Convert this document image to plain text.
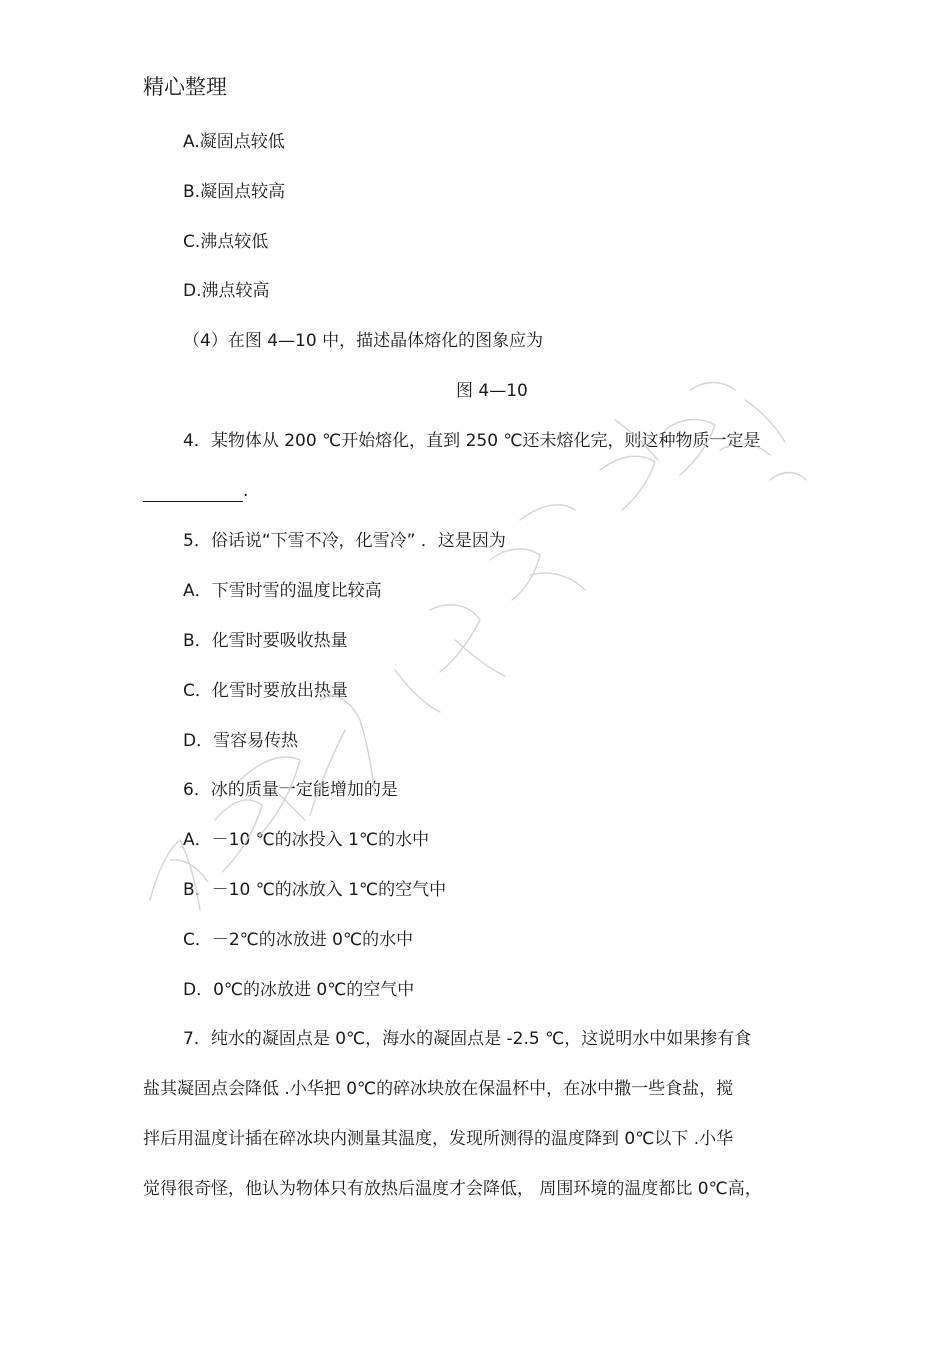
精心整理
A.凝固点较低
B.凝固点较高
C.沸点较低
D.沸点较高
（4）在图 4—10 中，描述晶体熔化的图象应为
图 4—10
4．某物体从 200 ℃开始熔化，直到 250 ℃还未熔化完，则这种物质一定是
.
5．俗话说“下雪不冷，化雪冷” ．这是因为
A．下雪时雪的温度比较高
B．化雪时要吸收热量
C．化雪时要放出热量
D．雪容易传热
6．冰的质量一定能增加的是
A．－10 ℃的冰投入 1℃的水中
B．－10 ℃的冰放入 1℃的空气中
C．－2℃的冰放进 0℃的水中
D．0℃的冰放进 0℃的空气中
7．纯水的凝固点是 0℃，海水的凝固点是 -2.5 ℃，这说明水中如果掺有食
盐其凝固点会降低 .小华把 0℃的碎冰块放在保温杯中，在冰中撒一些食盐，搅
拌后用温度计插在碎冰块内测量其温度，发现所测得的温度降到 0℃以下 .小华
觉得很奇怪，他认为物体只有放热后温度才会降低， 周围环境的温度都比 0℃高，
